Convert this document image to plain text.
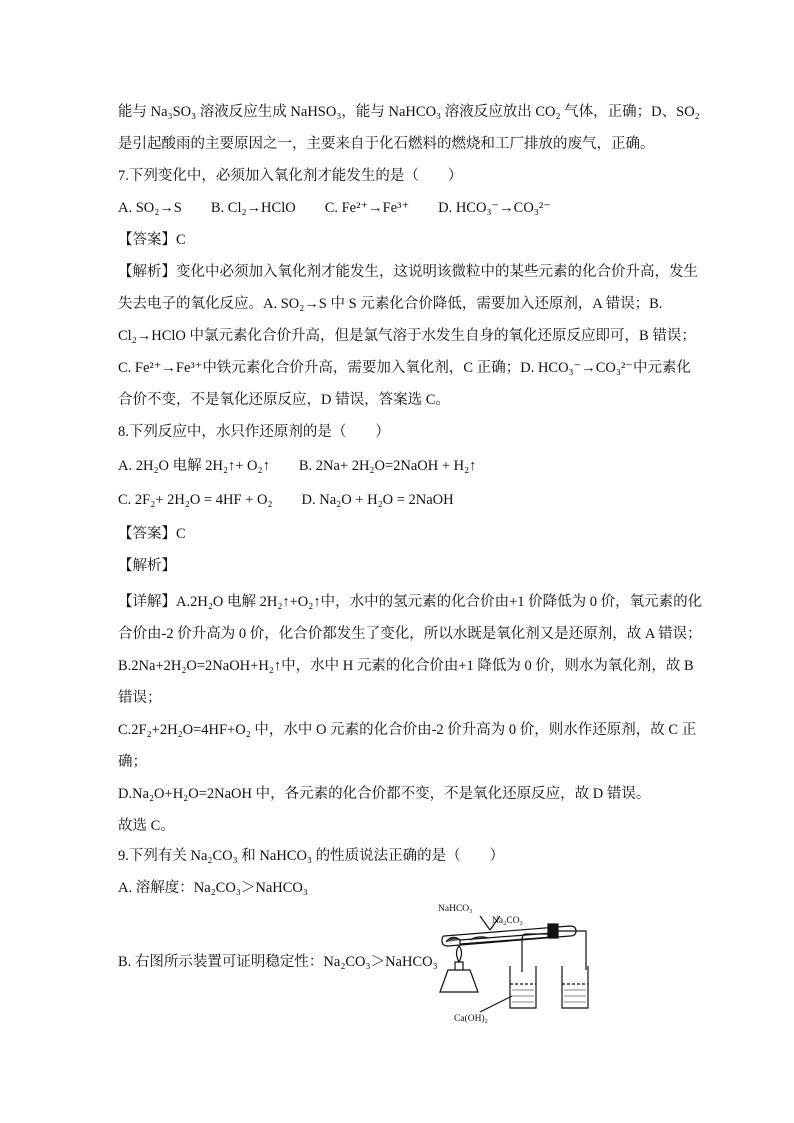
能与 Na₃SO₃ 溶液反应生成 NaHSO₃，能与 NaHCO₃ 溶液反应放出 CO₂ 气体，正确；D、SO₂
是引起酸雨的主要原因之一，主要来自于化石燃料的燃烧和工厂排放的废气，正确。
7.下列变化中，必须加入氧化剂才能发生的是（　　）
A. SO₂→S　　B. Cl₂→HClO　　C. Fe²⁺→Fe³⁺　　D. HCO₃⁻→CO₃²⁻
【答案】C
【解析】变化中必须加入氧化剂才能发生，这说明该微粒中的某些元素的化合价升高，发生
失去电子的氧化反应。A. SO₂→S 中 S 元素化合价降低，需要加入还原剂，A 错误；B.
Cl₂→HClO 中氯元素化合价升高，但是氯气溶于水发生自身的氧化还原反应即可，B 错误；
C. Fe²⁺→Fe³⁺中铁元素化合价升高，需要加入氧化剂，C 正确；D. HCO₃⁻→CO₃²⁻中元素化
合价不变，不是氧化还原反应，D 错误，答案选 C。
8.下列反应中，水只作还原剂的是（　　）
A. 2H₂O 电解 2H₂↑+ O₂↑　　B. 2Na+ 2H₂O=2NaOH + H₂↑
C. 2F₂+ 2H₂O = 4HF + O₂　　D. Na₂O + H₂O = 2NaOH
【答案】C
【解析】
【详解】A.2H₂O 电解 2H₂↑+O₂↑中，水中的氢元素的化合价由+1 价降低为 0 价，氧元素的化
合价由-2 价升高为 0 价，化合价都发生了变化，所以水既是氧化剂又是还原剂，故 A 错误；
B.2Na+2H₂O=2NaOH+H₂↑中，水中 H 元素的化合价由+1 降低为 0 价，则水为氧化剂，故 B
错误；
C.2F₂+2H₂O=4HF+O₂ 中，水中 O 元素的化合价由-2 价升高为 0 价，则水作还原剂，故 C 正
确；
D.Na₂O+H₂O=2NaOH 中，各元素的化合价都不变，不是氧化还原反应，故 D 错误。
故选 C。
9.下列有关 Na₂CO₃ 和 NaHCO₃ 的性质说法正确的是（　　）
A. 溶解度：Na₂CO₃＞NaHCO₃
B. 右图所示装置可证明稳定性：Na₂CO₃＞NaHCO₃
NaHCO₃
Na₂CO₃
Ca(OH)₂
